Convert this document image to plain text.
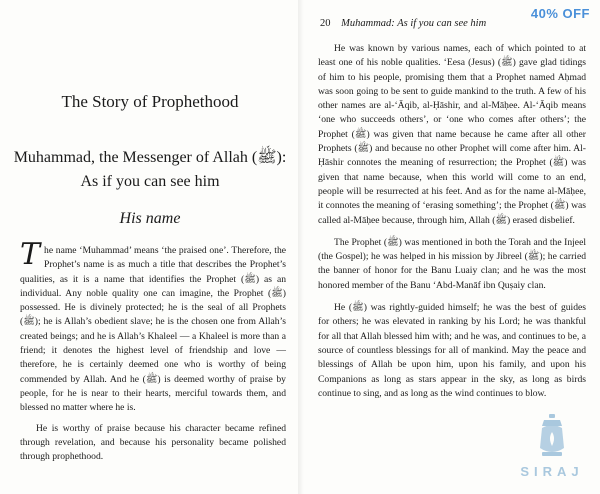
The Story of Prophethood
Muhammad, the Messenger of Allah (ﷺ):
As if you can see him
His name

The name ‘Muhammad’ means ‘the praised one’. Therefore, the Prophet’s name is as much a title that describes the Prophet’s qualities, as it is a name that identifies the Prophet (ﷺ) as an individual. Any noble quality one can imagine, the Prophet (ﷺ) possessed. He is divinely protected; he is the seal of all Prophets (ﷺ); he is Allah’s obedient slave; he is the chosen one from Allah’s created beings; and he is Allah’s Khaleel — a Khaleel is more than a friend; it denotes the highest level of friendship and love — therefore, he is certainly deemed one who is worthy of being commended by Allah. And he (ﷺ) is deemed worthy of praise by people, for he is near to their hearts, merciful towards them, and blessed no matter where he is.

He is worthy of praise because his character became refined through revelation, and because his personality became polished through prophethood.

20 Muhammad: As if you can see him

He was known by various names, each of which pointed to at least one of his noble qualities. ‘Eesa (Jesus) (ﷺ) gave glad tidings of him to his people, promising them that a Prophet named Aḥmad was soon going to be sent to guide mankind to the truth. A few of his other names are al-‘Āqib, al-Ḥāshir, and al-Māḥee. Al-‘Āqib means ‘one who succeeds others’, or ‘one who comes after others’; the Prophet (ﷺ) was given that name because he came after all other Prophets (ﷺ) and because no other Prophet will come after him. Al-Ḥāshir connotes the meaning of resurrection; the Prophet (ﷺ) was given that name because, when this world will come to an end, people will be resurrected at his feet. And as for the name al-Māḥee, it connotes the meaning of ‘erasing something’; the Prophet (ﷺ) was called al-Māḥee because, through him, Allah (ﷺ) erased disbelief.

The Prophet (ﷺ) was mentioned in both the Torah and the Injeel (the Gospel); he was helped in his mission by Jibreel (ﷺ); he carried the banner of honor for the Banu Luaiy clan; and he was the most honored member of the Banu ‘Abd-Manāf ibn Quṣaiy clan.

He (ﷺ) was rightly-guided himself; he was the best of guides for others; he was elevated in ranking by his Lord; he was thankful for all that Allah blessed him with; and he was, and continues to be, a source of countless blessings for all of mankind. May the peace and blessings of Allah be upon him, upon his family, and upon his Companions as long as stars appear in the sky, as long as birds continue to sing, and as long as the wind continues to blow.

40% OFF
SIRAJ
